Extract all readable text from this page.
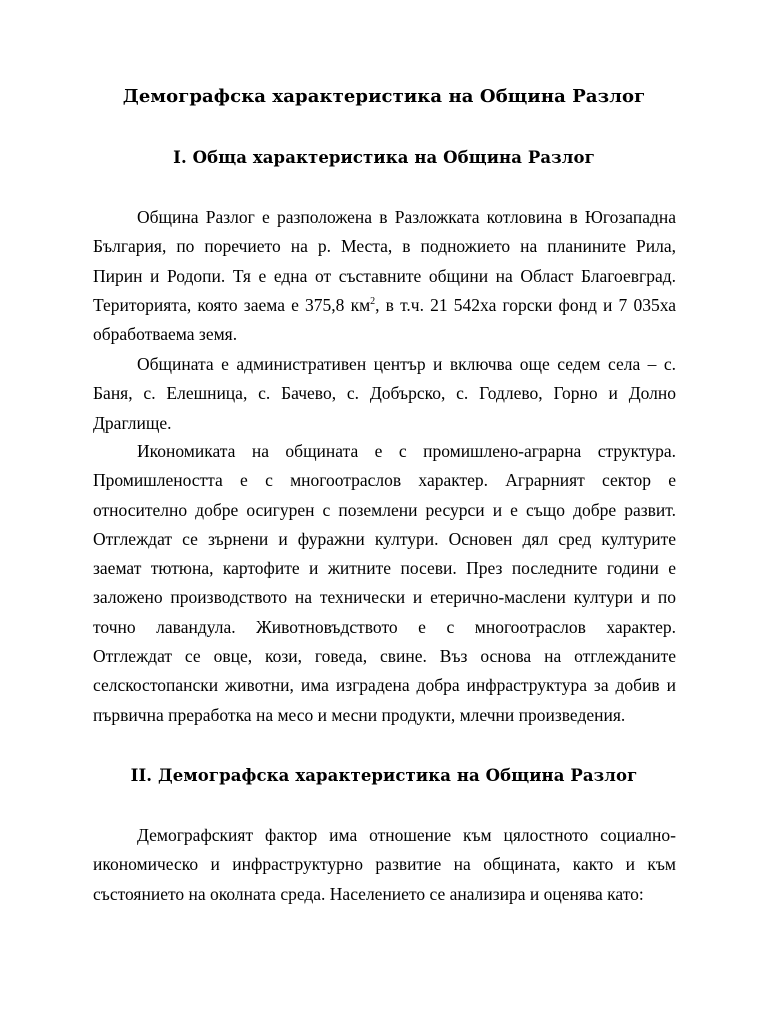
Демографска характеристика на Община Разлог
I. Обща характеристика на Община Разлог

Община Разлог е разположена в Разложката котловина в Югозападна
България, по поречието на р. Места, в подножието на планините Рила,
Пирин и Родопи. Тя е една от съставните общини на Област Благоевград.
Територията, която заема е 375,8 $км^2$, в т.ч. 21 542ха горски фонд и 7 035ха
обработваема земя.

Общината е административен център и включва още седем села – с.
Баня, с. Елешница, с. Бачево, с. Добърско, с. Годлево, Горно и Долно
Драглище.

Икономиката на общината е с промишлено-аграрна структура.
Промишлеността е с многоотраслов характер. Аграрният сектор е
относително добре осигурен с поземлени ресурси и е също добре развит.
Отглеждат се зърнени и фуражни култури. Основен дял сред културите
заемат тютюна, картофите и житните посеви. През последните години е
заложено производството на технически и етерично-маслени култури и по
точно лавандула. Животновъдството е с многоотраслов характер.
Отглеждат се овце, кози, говеда, свине. Въз основа на отглежданите
селскостопански животни, има изградена добра инфраструктура за добив и
първична преработка на месо и месни продукти, млечни произведения.

II. Демографска характеристика на Община Разлог

Демографският фактор има отношение към цялостното социално-
икономическо и инфраструктурно развитие на общината, както и към
състоянието на околната среда. Населението се анализира и оценява като:
